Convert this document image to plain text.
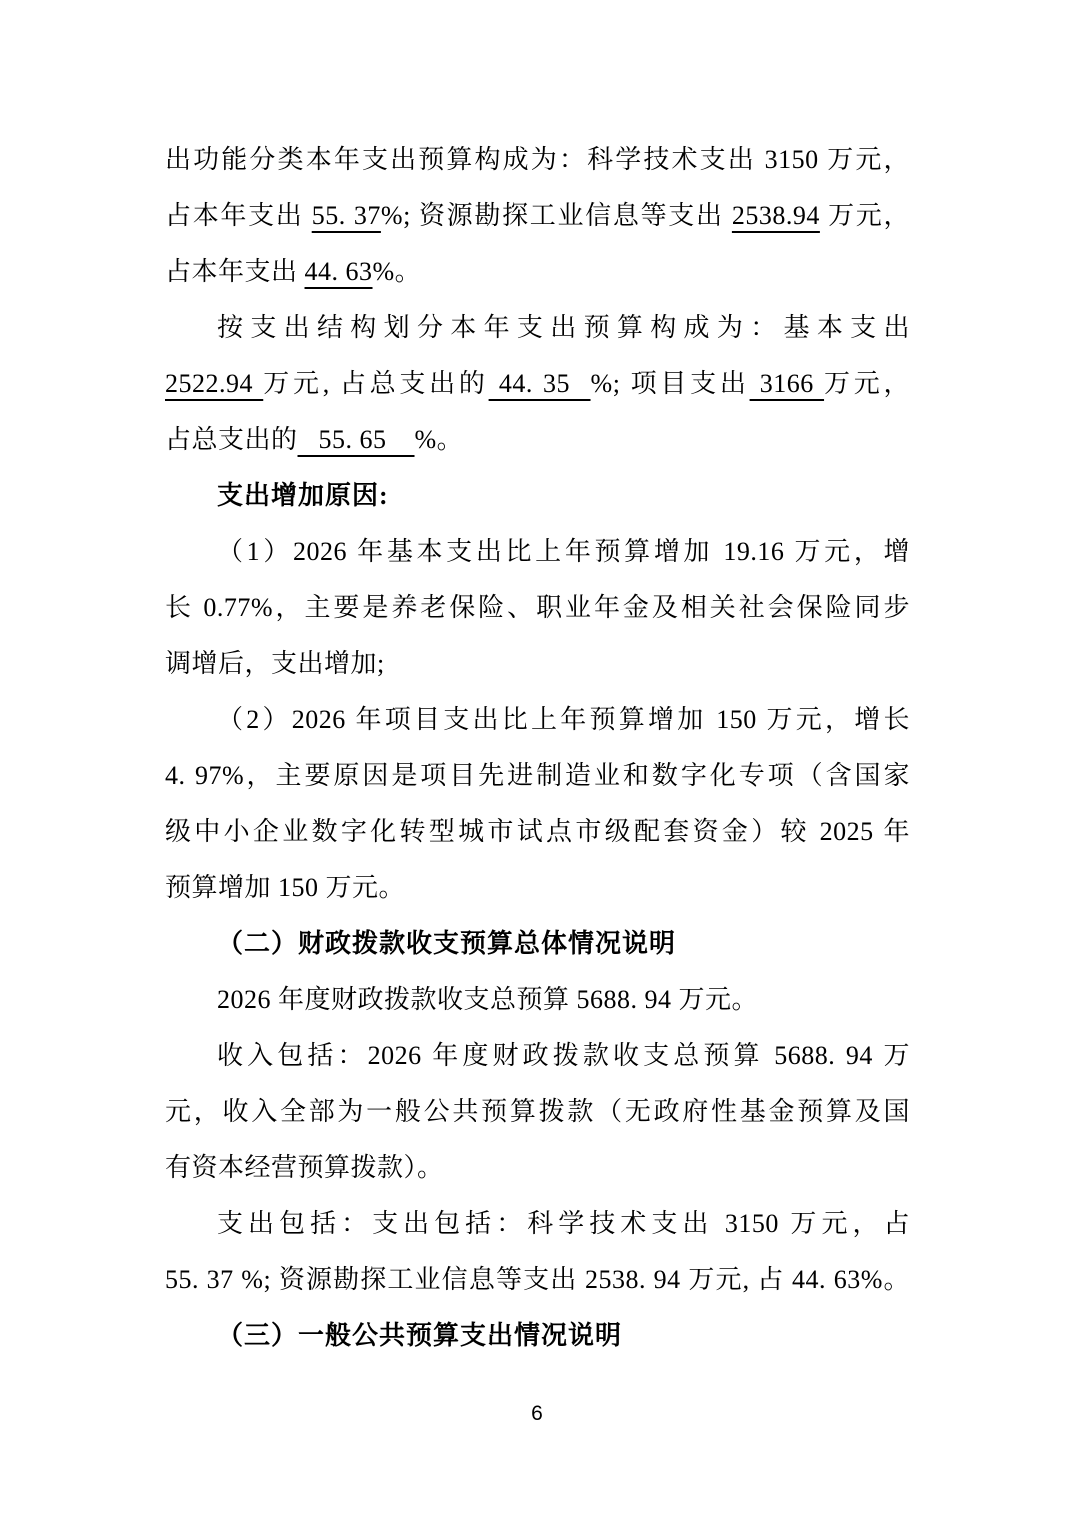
出功能分类本年支出预算构成为：科学技术支出 3150 万元，
占本年支出 55. 37%; 资源勘探工业信息等支出 2538.94 万元，
占本年支出 44. 63%。
按支出结构划分本年支出预算构成为：基本支出
2522.94 万元, 占总支出的 44. 35  %; 项目支出 3166 万元，
占总支出的   55. 65    %。
支出增加原因:
（1）2026 年基本支出比上年预算增加 19.16 万元，增
长 0.77%，主要是养老保险、职业年金及相关社会保险同步
调增后，支出增加;
（2）2026 年项目支出比上年预算增加 150 万元，增长
4. 97%，主要原因是项目先进制造业和数字化专项（含国家
级中小企业数字化转型城市试点市级配套资金）较 2025 年
预算增加 150 万元。
（二）财政拨款收支预算总体情况说明
2026 年度财政拨款收支总预算 5688. 94 万元。
收入包括：2026 年度财政拨款收支总预算 5688. 94 万
元，收入全部为一般公共预算拨款（无政府性基金预算及国
有资本经营预算拨款）。
支出包括：支出包括：科学技术支出 3150 万元，占
55. 37 %; 资源勘探工业信息等支出 2538. 94 万元, 占 44. 63%。
（三）一般公共预算支出情况说明
6
